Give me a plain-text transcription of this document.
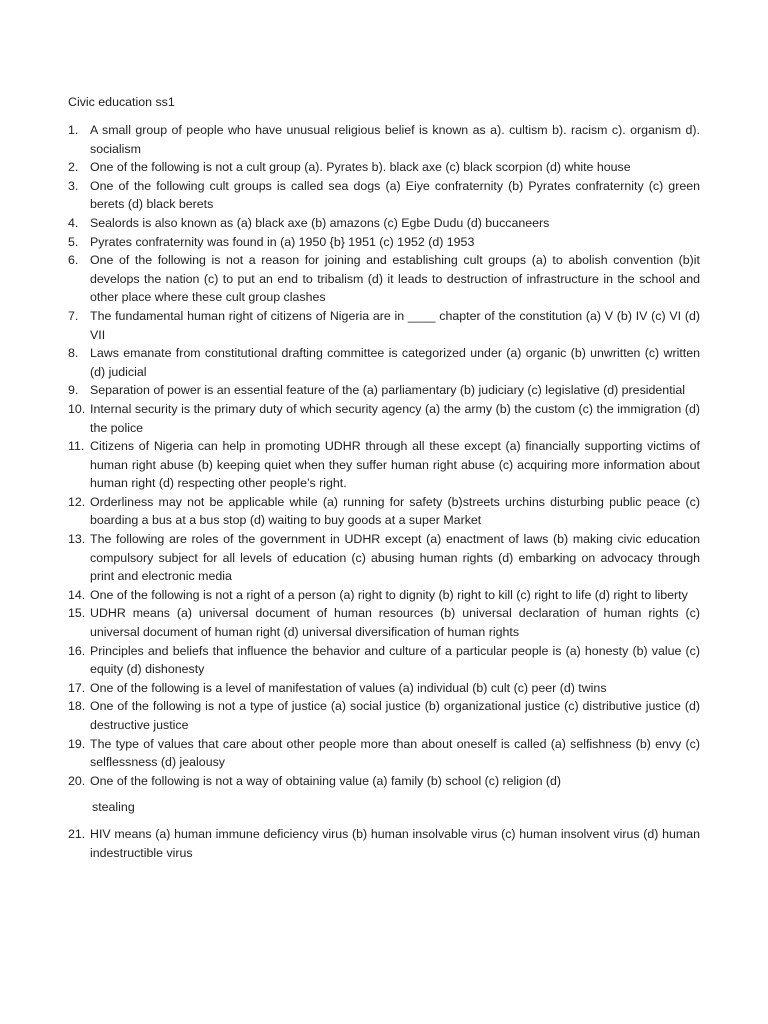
Civic education ss1
1. A small group of people who have unusual religious belief is known as a). cultism b). racism c). organism d). socialism
2. One of the following is not a cult group (a). Pyrates b). black axe (c) black scorpion (d) white house
3. One of the following cult groups is called sea dogs (a) Eiye confraternity (b) Pyrates confraternity (c) green berets (d) black berets
4. Sealords is also known as (a) black axe (b) amazons (c) Egbe Dudu (d) buccaneers
5. Pyrates confraternity was found in (a) 1950 {b} 1951 (c) 1952 (d) 1953
6. One of the following is not a reason for joining and establishing cult groups (a) to abolish convention (b)it develops the nation (c) to put an end to tribalism (d) it leads to destruction of infrastructure in the school and other place where these cult group clashes
7. The fundamental human right of citizens of Nigeria are in ____ chapter of the constitution (a) V (b) IV (c) VI (d) VII
8. Laws emanate from constitutional drafting committee is categorized under (a) organic (b) unwritten (c) written (d) judicial
9. Separation of power is an essential feature of the (a) parliamentary (b) judiciary (c) legislative (d) presidential
10. Internal security is the primary duty of which security agency (a) the army (b) the custom (c) the immigration (d) the police
11. Citizens of Nigeria can help in promoting UDHR through all these except (a) financially supporting victims of human right abuse (b) keeping quiet when they suffer human right abuse (c) acquiring more information about human right (d) respecting other people’s right.
12. Orderliness may not be applicable while (a) running for safety (b)streets urchins disturbing public peace (c) boarding a bus at a bus stop (d) waiting to buy goods at a super Market
13. The following are roles of the government in UDHR except (a) enactment of laws (b) making civic education compulsory subject for all levels of education (c) abusing human rights (d) embarking on advocacy through print and electronic media
14. One of the following is not a right of a person (a) right to dignity (b) right to kill (c) right to life (d) right to liberty
15. UDHR means (a) universal document of human resources (b) universal declaration of human rights (c) universal document of human right (d) universal diversification of human rights
16. Principles and beliefs that influence the behavior and culture of a particular people is (a) honesty (b) value (c) equity (d) dishonesty
17. One of the following is a level of manifestation of values (a) individual (b) cult (c) peer (d) twins
18. One of the following is not a type of justice (a) social justice (b) organizational justice (c) distributive justice (d) destructive justice
19. The type of values that care about other people more than about oneself is called (a) selfishness (b) envy (c) selflessness (d) jealousy
20. One of the following is not a way of obtaining value (a) family (b) school (c) religion (d)
stealing
21. HIV means (a) human immune deficiency virus (b) human insolvable virus (c) human insolvent virus (d) human indestructible virus
